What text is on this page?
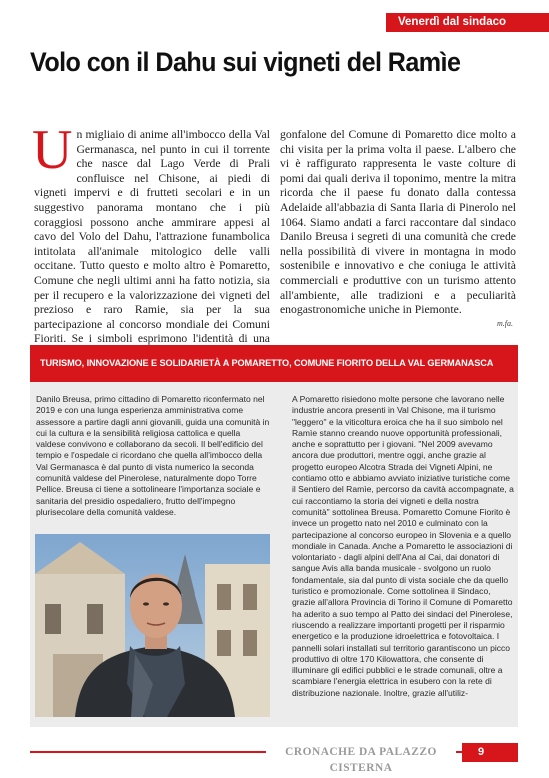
Venerdì dal sindaco
Volo con il Dahu sui vigneti del Ramìe
U n migliaio di anime all'imbocco della Val Germanasca, nel punto in cui il torrente che nasce dal Lago Verde di Prali confluisce nel Chisone, ai piedi di vigneti impervi e di frutteti secolari e in un suggestivo panorama montano che i più coraggiosi possono anche ammirare appesi al cavo del Volo del Dahu, l'attrazione funambolica intitolata all'animale mitologico delle valli occitane. Tutto questo e molto altro è Pomaretto, Comune che negli ultimi anni ha fatto notizia, sia per il recupero e la valorizzazione dei vigneti del prezioso e raro Ramie, sia per la sua partecipazione al concorso mondiale dei Comuni Fioriti. Se i simboli esprimono l'identità di una
gonfalone del Comune di Pomaretto dice molto a chi visita per la prima volta il paese. L'albero che vi è raffigurato rappresenta le vaste colture di pomi dai quali deriva il toponimo, mentre la mitra ricorda che il paese fu donato dalla contessa Adelaide all'abbazia di Santa Ilaria di Pinerolo nel 1064. Siamo andati a farci raccontare dal sindaco Danilo Breusa i segreti di una comunità che crede nella possibilità di vivere in montagna in modo sostenibile e innovativo e che coniuga le attività commerciali e produttive con un turismo attento all'ambiente, alle tradizioni e a peculiarità enogastronomiche uniche in Piemonte.
m.fa.
TURISMO, INNOVAZIONE E SOLIDARIETÀ A POMARETTO, COMUNE FIORITO DELLA VAL GERMANASCA
Danilo Breusa, primo cittadino di Pomaretto riconfermato nel 2019 e con una lunga esperienza amministrativa come assessore a partire dagli anni giovanili, guida una comunità in cui la cultura e la sensibilità religiosa cattolica e quella valdese convivono e collaborano da secoli. Il bell'edificio del tempio e l'ospedale ci ricordano che quella all'imbocco della Val Germanasca è dal punto di vista numerico la seconda comunità valdese del Pinerolese, naturalmente dopo Torre Pellice. Breusa ci tiene a sottolineare l'importanza sociale e sanitaria del presidio ospedaliero, frutto dell'impegno plurisecolare della comunità valdese.
A Pomaretto risiedono molte persone che lavorano nelle industrie ancora presenti in Val Chisone, ma il turismo "leggero" e la viticoltura eroica che ha il suo simbolo nel Ramìe stanno creando nuove opportunità professionali, anche e soprattutto per i giovani. "Nel 2009 avevamo ancora due produttori, mentre oggi, anche grazie al progetto europeo Alcotra Strada dei Vigneti Alpini, ne contiamo otto e abbiamo avviato iniziative turistiche come il Sentiero del Ramìe, percorso da cavità accompagnate, a cui raccontiamo la storia dei vigneti e della nostra comunità" sottolinea Breusa. Pomaretto Comune Fiorito è invece un progetto nato nel 2010 e culminato con la partecipazione al concorso europeo in Slovenia e a quello mondiale in Canada. Anche a Pomaretto le associazioni di volontariato - dagli alpini dell'Ana al Cai, dai donatori di sangue Avis alla banda musicale - svolgono un ruolo fondamentale, sia dal punto di vista sociale che da quello turistico e promozionale. Come sottolinea il Sindaco, grazie all'allora Provincia di Torino il Comune di Pomaretto ha aderito a suo tempo al Patto dei sindaci del Pinerolese, riuscendo a realizzare importanti progetti per il risparmio energetico e la produzione idroelettrica e fotovoltaica. I pannelli solari installati sul territorio garantiscono un picco produttivo di oltre 170 Kilowattora, che consente di illuminare gli edifici pubblici e le strade comunali, oltre a scambiare l'energia elettrica in esubero con la rete di distribuzione nazionale. Inoltre, grazie all'utiliz-
CRONACHE DA PALAZZO CISTERNA
9
